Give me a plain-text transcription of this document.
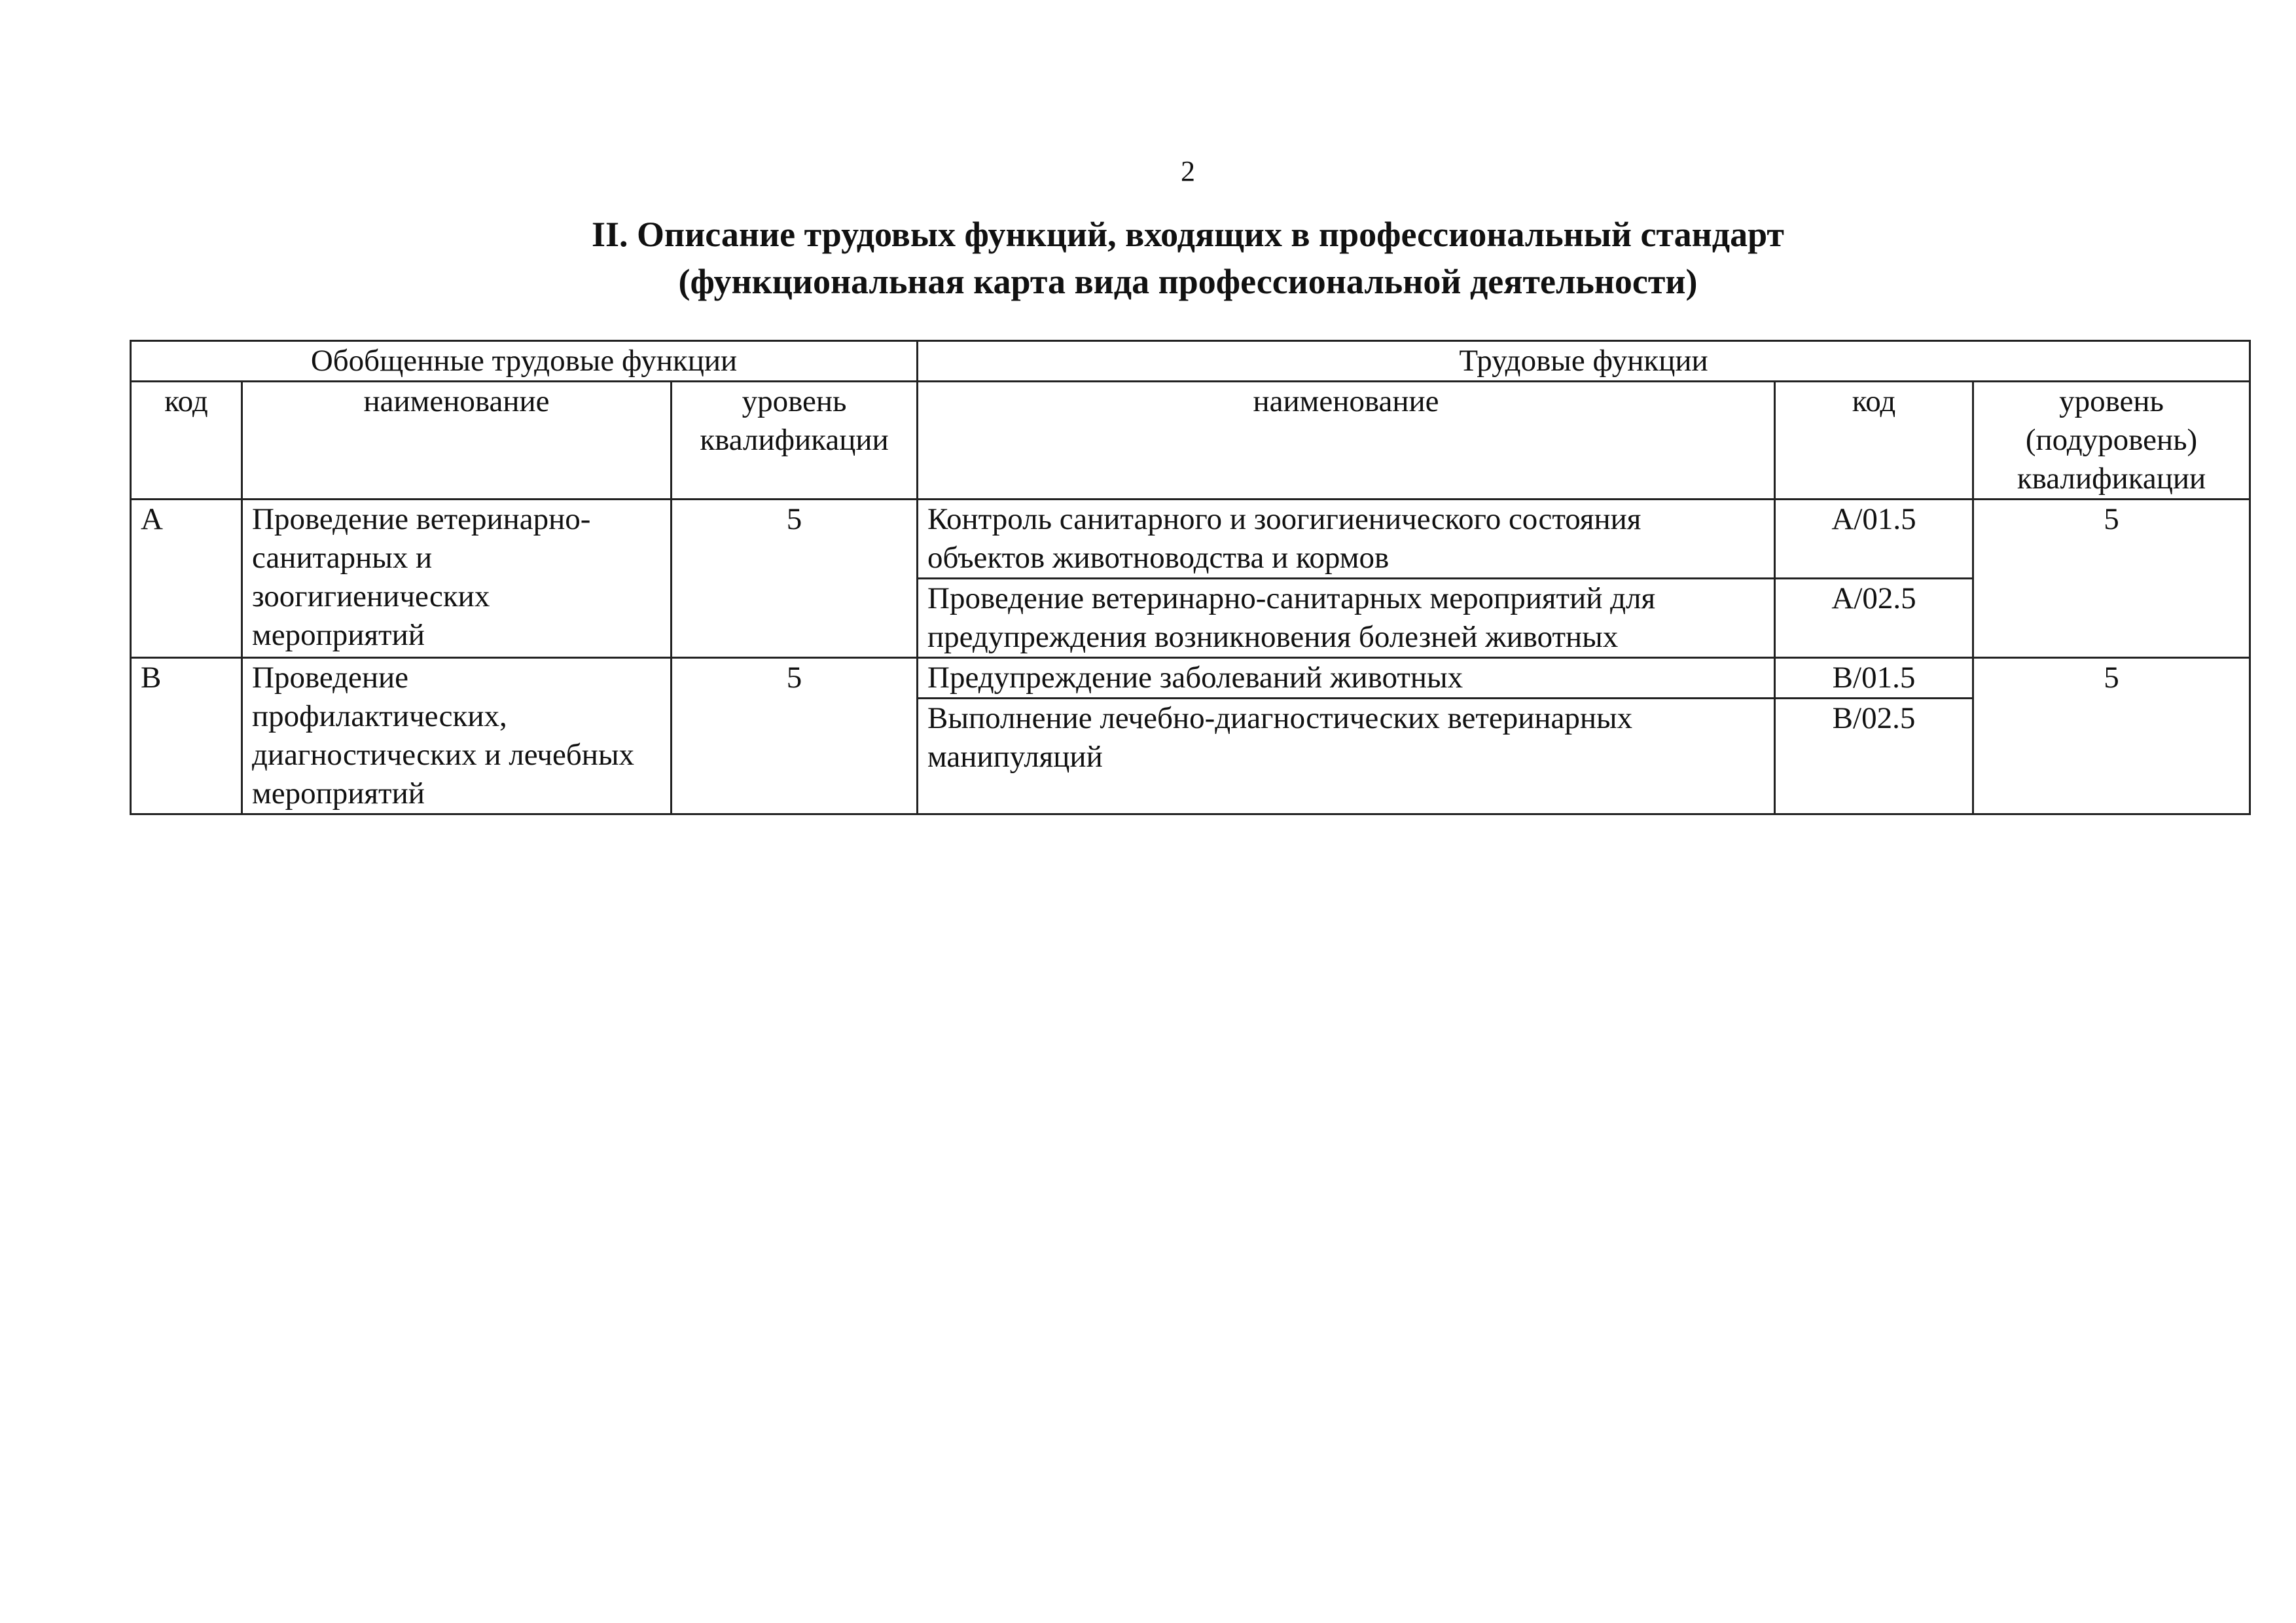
2
II. Описание трудовых функций, входящих в профессиональный стандарт
(функциональная карта вида профессиональной деятельности)
Обобщенные трудовые функции			Трудовые функции		
код	наименование	уровень квалификации	наименование	код	уровень (подуровень) квалификации
A	Проведение ветеринарно-санитарных и зоогигиенических мероприятий	5	Контроль санитарного и зоогигиенического состояния объектов животноводства и кормов	A/01.5	5
			Проведение ветеринарно-санитарных мероприятий для предупреждения возникновения болезней животных	A/02.5	
B	Проведение профилактических, диагностических и лечебных мероприятий	5	Предупреждение заболеваний животных	B/01.5	5
			Выполнение лечебно-диагностических ветеринарных манипуляций	B/02.5	
